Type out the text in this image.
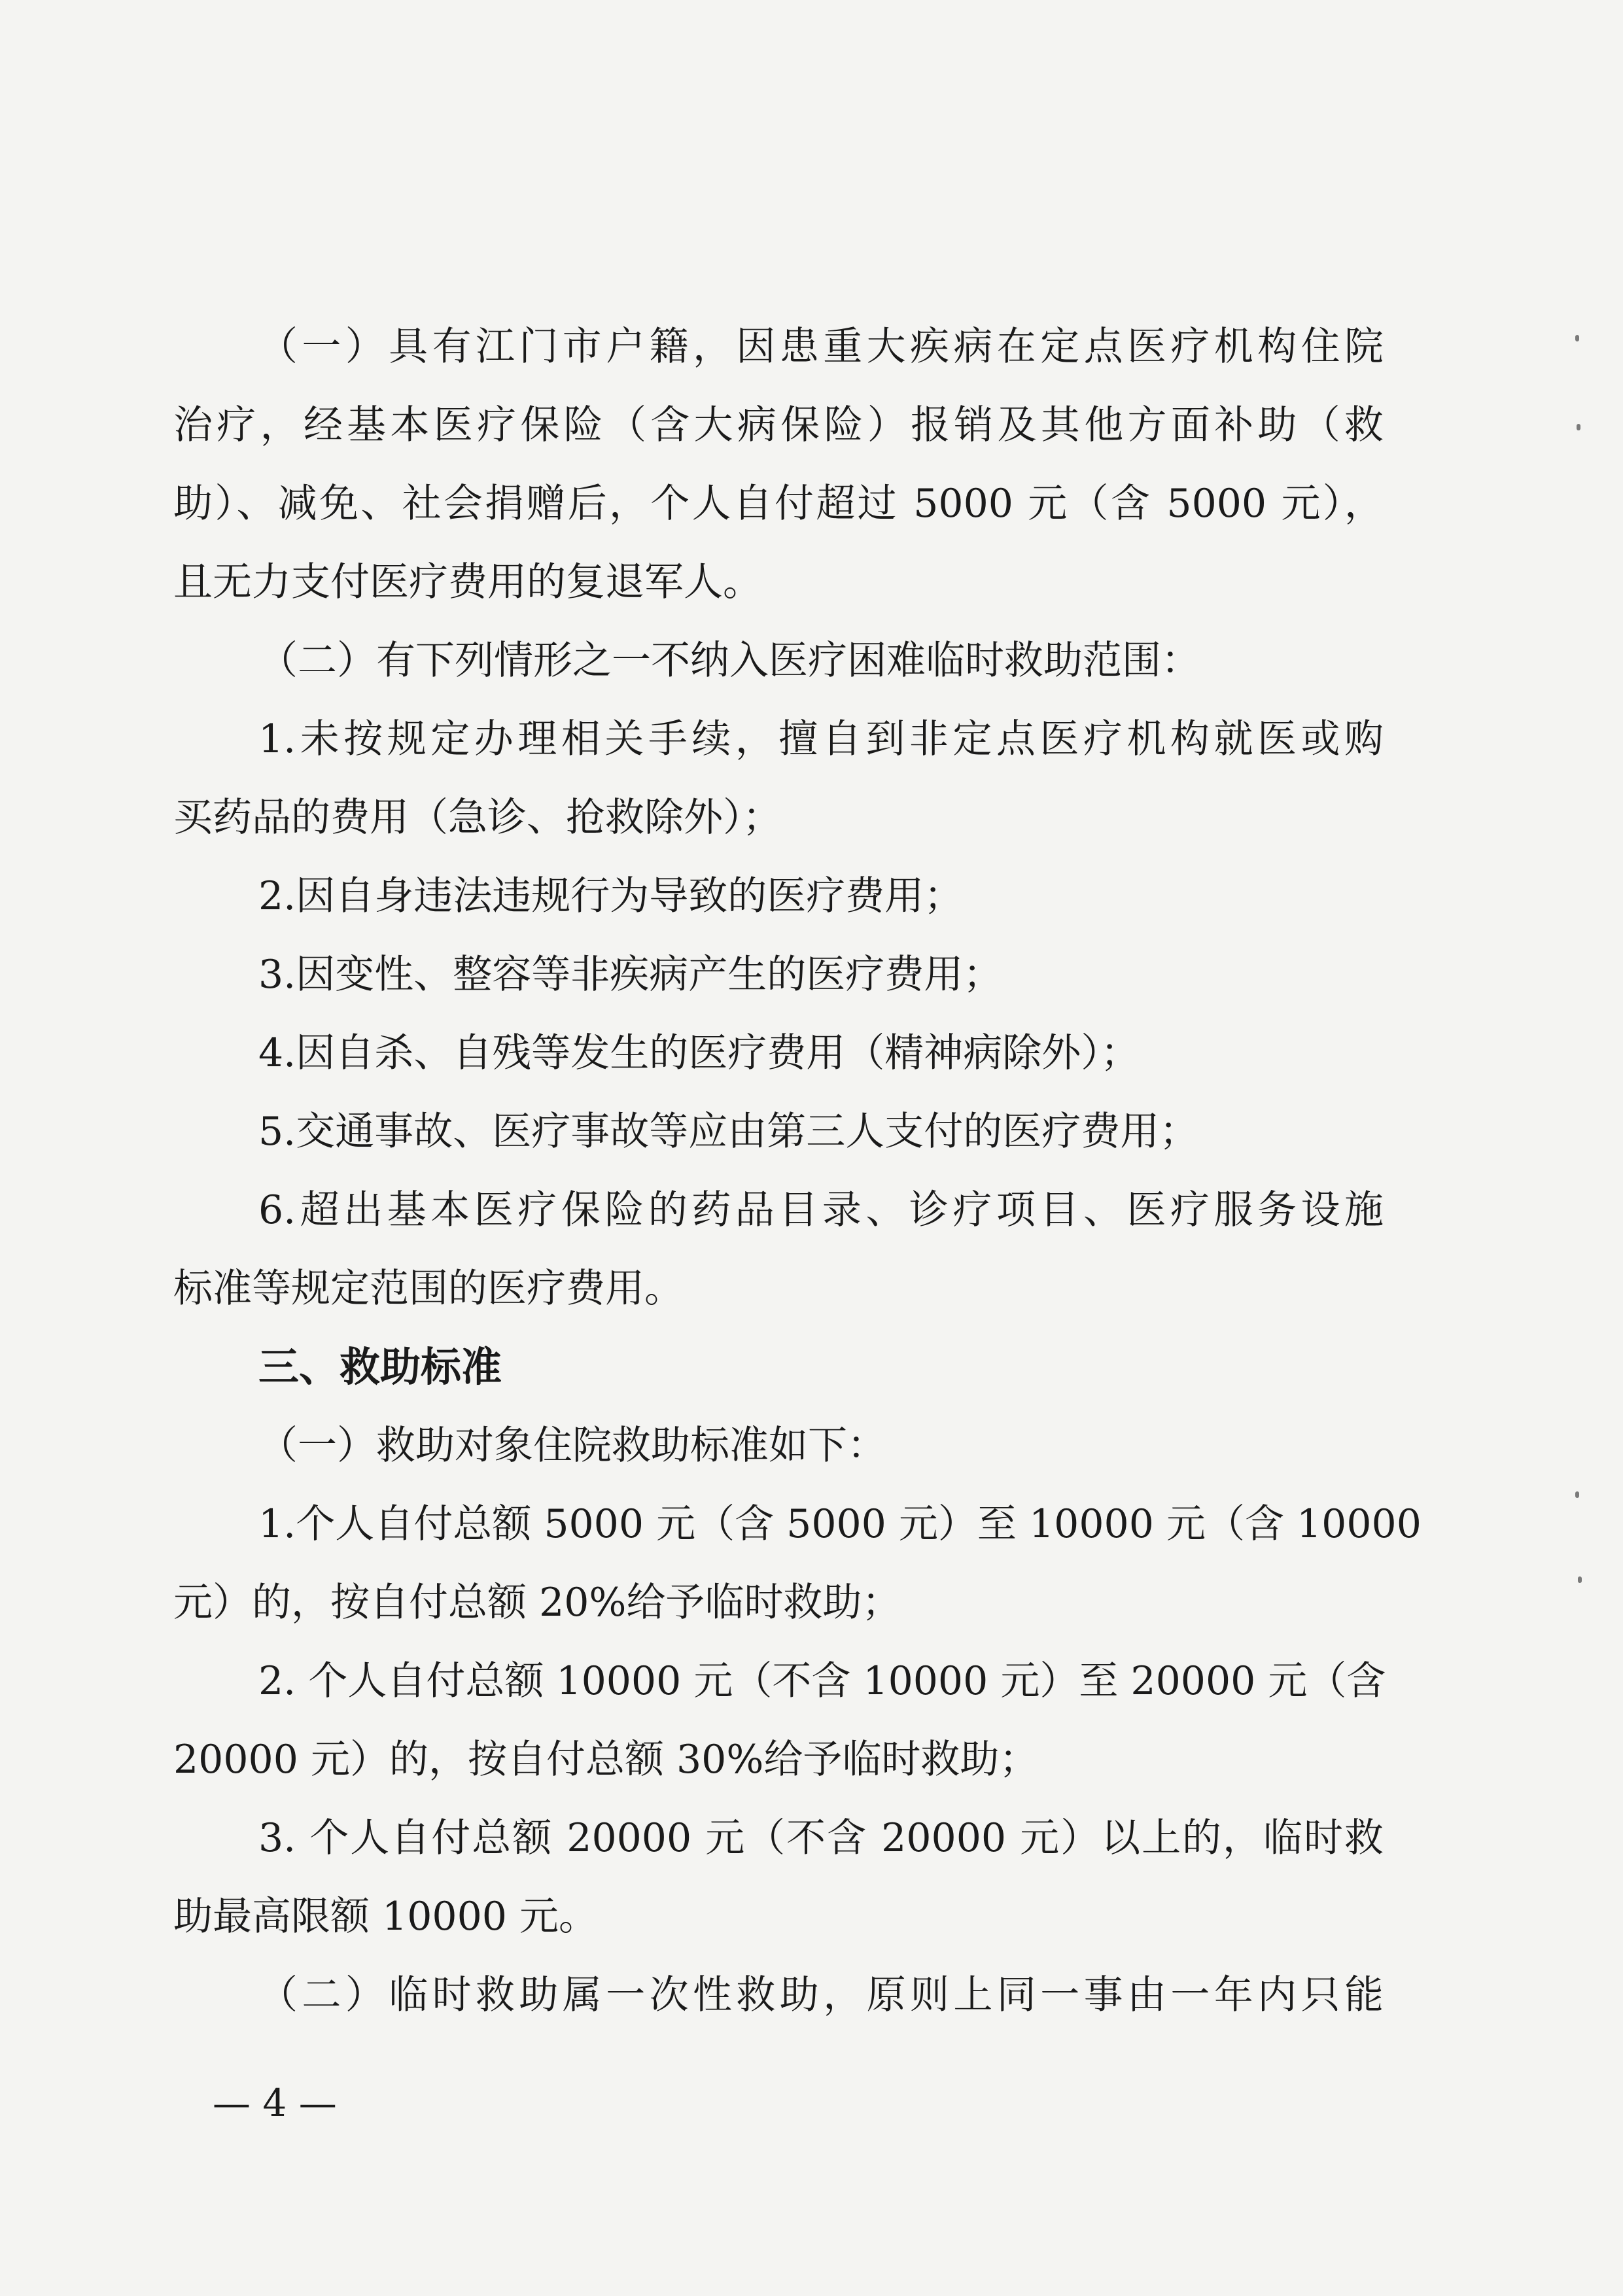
（一）具有江门市户籍，因患重大疾病在定点医疗机构住院
治疗，经基本医疗保险（含大病保险）报销及其他方面补助（救
助）、减免、社会捐赠后，个人自付超过 5000 元（含 5000 元），
且无力支付医疗费用的复退军人。

（二）有下列情形之一不纳入医疗困难临时救助范围：

1.未按规定办理相关手续，擅自到非定点医疗机构就医或购
买药品的费用（急诊、抢救除外）；

2.因自身违法违规行为导致的医疗费用；

3.因变性、整容等非疾病产生的医疗费用；

4.因自杀、自残等发生的医疗费用（精神病除外）；

5.交通事故、医疗事故等应由第三人支付的医疗费用；

6.超出基本医疗保险的药品目录、诊疗项目、医疗服务设施
标准等规定范围的医疗费用。

三、救助标准

（一）救助对象住院救助标准如下：

1.个人自付总额 5000 元（含 5000 元）至 10000 元（含 10000
元）的，按自付总额 20%给予临时救助；

2. 个人自付总额 10000 元（不含 10000 元）至 20000 元（含
20000 元）的，按自付总额 30%给予临时救助；

3. 个人自付总额 20000 元（不含 20000 元）以上的，临时救
助最高限额 10000 元。

（二）临时救助属一次性救助，原则上同一事由一年内只能

— 4 —
